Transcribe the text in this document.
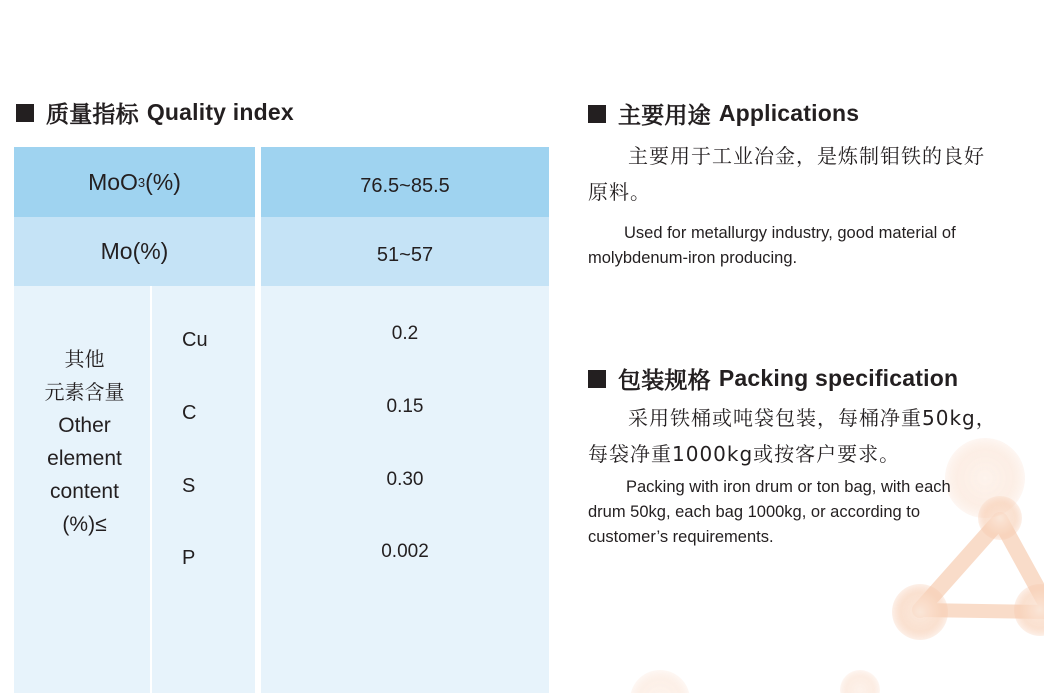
质量指标 Quality index
MoO 3 (%)	76.5~85.5
Mo(%)	51~57
其他
元素含量
Other
element
content
(%)≤
Cu	0.2
C	0.15
S	0.30
P	0.002
主要用途 Applications
主要用于工业冶金，是炼制钼铁的良好
原料。
Used for metallurgy industry, good material of
molybdenum-iron producing.
包装规格 Packing specification
采用铁桶或吨袋包装，每桶净重50kg，
每袋净重1000kg或按客户要求。
Packing with iron drum or ton bag, with each
drum 50kg, each bag 1000kg, or according to
customer’s requirements.
